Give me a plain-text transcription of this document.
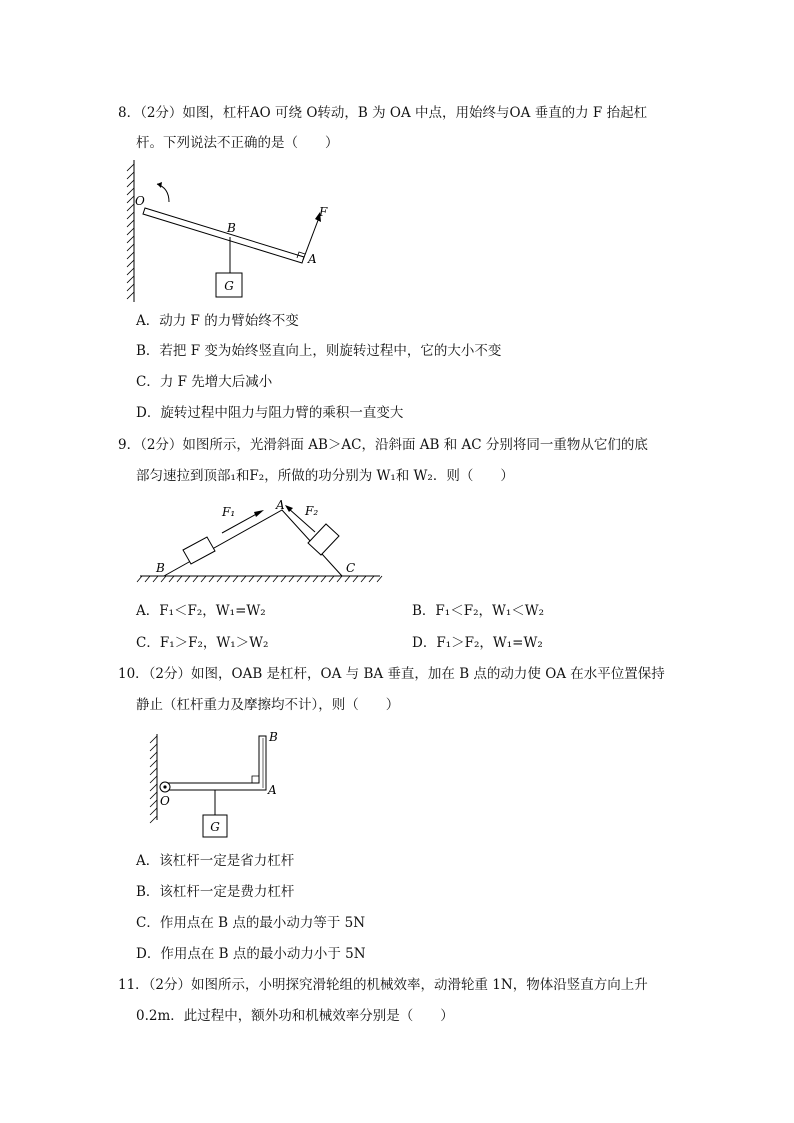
8．（2分）如图，杠杆AO 可绕 O转动，B 为 OA 中点，用始终与OA 垂直的力 F 抬起杠
杆。下列说法不正确的是（　　）
G
O
B
A
F
A．动力 F 的力臂始终不变
B．若把 F 变为始终竖直向上，则旋转过程中，它的大小不变
C．力 F 先增大后减小
D．旋转过程中阻力与阻力臂的乘积一直变大
9．（2分）如图所示，光滑斜面 AB＞AC，沿斜面 AB 和 AC 分别将同一重物从它们的底
部匀速拉到顶部₁和F₂，所做的功分别为 W₁和 W₂．则（　　）
F₁	F₂
A
B	C
A．F₁＜F₂，W₁=W₂	B．F₁＜F₂，W₁＜W₂
C．F₁＞F₂，W₁＞W₂	D．F₁＞F₂，W₁=W₂
10．（2分）如图，OAB 是杠杆，OA 与 BA 垂直，加在 B 点的动力使 OA 在水平位置保持
静止（杠杆重力及摩擦均不计），则（　　）
G
O
A
B
A．该杠杆一定是省力杠杆
B．该杠杆一定是费力杠杆
C．作用点在 B 点的最小动力等于 5N
D．作用点在 B 点的最小动力小于 5N
11．（2分）如图所示，小明探究滑轮组的机械效率，动滑轮重 1N，物体沿竖直方向上升
0.2m．此过程中，额外功和机械效率分别是（　　）
